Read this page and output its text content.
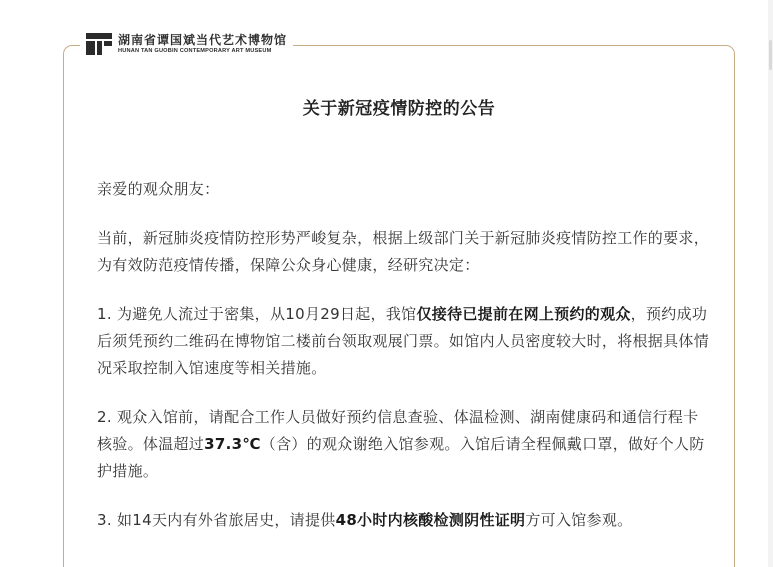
湖南省谭国斌当代艺术博物馆
HUNAN TAN GUOBIN CONTEMPORARY ART MUSEUM
关于新冠疫情防控的公告

亲爱的观众朋友：

当前，新冠肺炎疫情防控形势严峻复杂，根据上级部门关于新冠肺炎疫情防控工作的要求，为有效防范疫情传播，保障公众身心健康，经研究决定：

1. 为避免人流过于密集，从10月29日起，我馆仅接待已提前在网上预约的观众，预约成功后须凭预约二维码在博物馆二楼前台领取观展门票。如馆内人员密度较大时，将根据具体情况采取控制入馆速度等相关措施。

2. 观众入馆前，请配合工作人员做好预约信息查验、体温检测、湖南健康码和通信行程卡核验。体温超过37.3℃（含）的观众谢绝入馆参观。入馆后请全程佩戴口罩，做好个人防护措施。

3. 如14天内有外省旅居史，请提供48小时内核酸检测阴性证明方可入馆参观。
